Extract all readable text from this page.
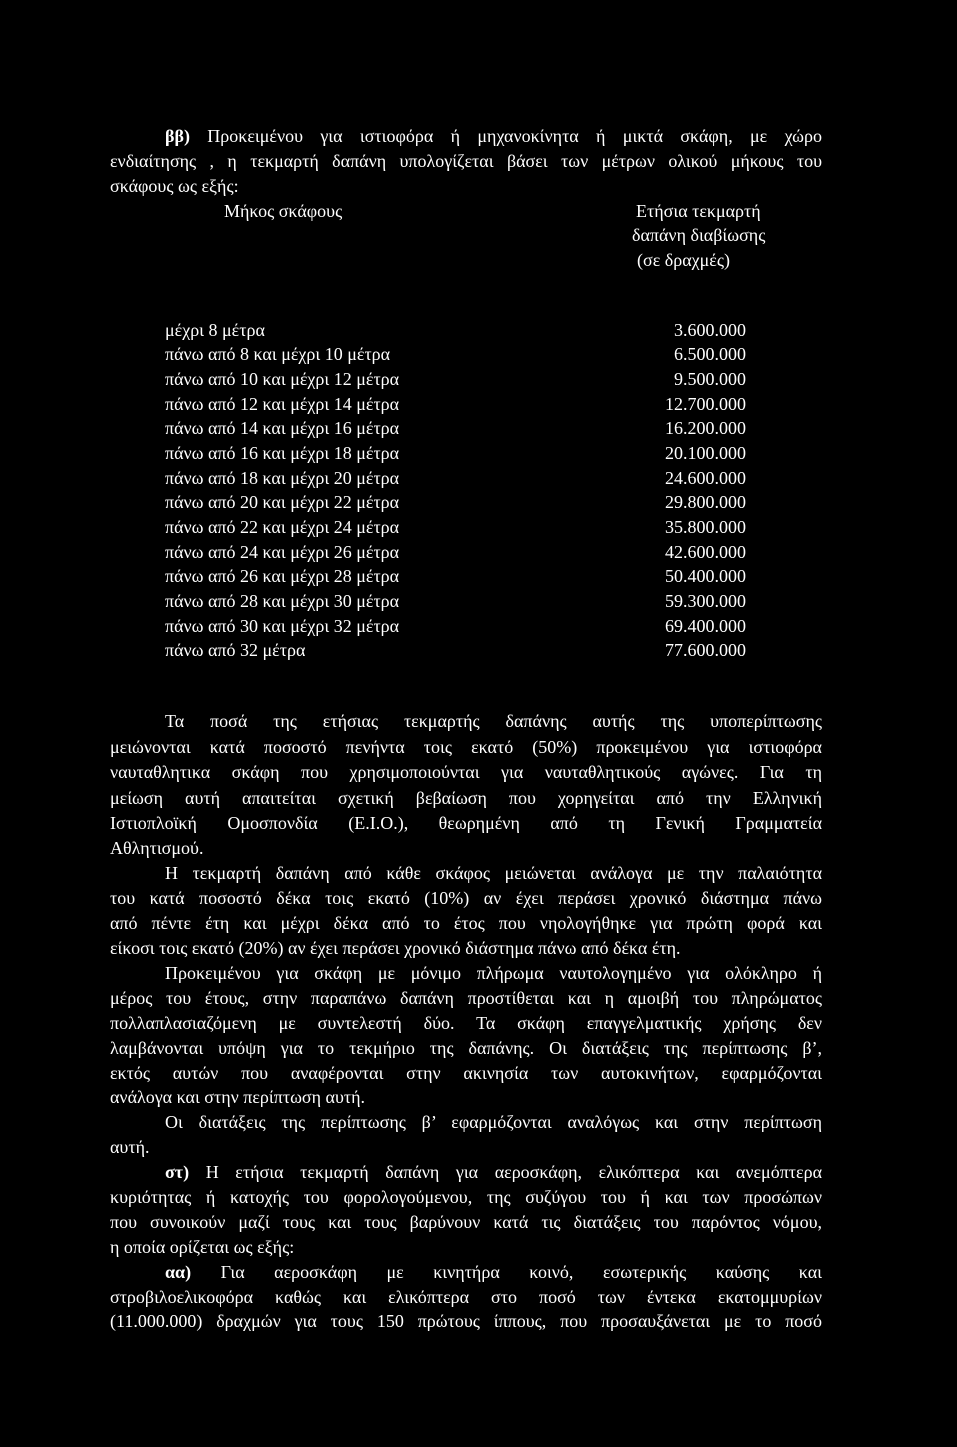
ββ) Προκειμένου για ιστιοφόρα ή μηχανοκίνητα ή μικτά σκάφη, με χώρο
ενδιαίτησης , η τεκμαρτή δαπάνη υπολογίζεται βάσει των μέτρων ολικού μήκους του
σκάφους ως εξής:
Μήκος σκάφους	Ετήσια τεκμαρτή
δαπάνη διαβίωσης
(σε δραχμές)
μέχρι 8 μέτρα	3.600.000
πάνω από 8 και μέχρι 10 μέτρα	6.500.000
πάνω από 10 και μέχρι 12 μέτρα	9.500.000
πάνω από 12 και μέχρι 14 μέτρα	12.700.000
πάνω από 14 και μέχρι 16 μέτρα	16.200.000
πάνω από 16 και μέχρι 18 μέτρα	20.100.000
πάνω από 18 και μέχρι 20 μέτρα	24.600.000
πάνω από 20 και μέχρι 22 μέτρα	29.800.000
πάνω από 22 και μέχρι 24 μέτρα	35.800.000
πάνω από 24 και μέχρι 26 μέτρα	42.600.000
πάνω από 26 και μέχρι 28 μέτρα	50.400.000
πάνω από 28 και μέχρι 30 μέτρα	59.300.000
πάνω από 30 και μέχρι 32 μέτρα	69.400.000
πάνω από 32 μέτρα	77.600.000
Τα ποσά της ετήσιας τεκμαρτής δαπάνης αυτής της υποπερίπτωσης
μειώνονται κατά ποσοστό πενήντα τοις εκατό (50%) προκειμένου για ιστιοφόρα
ναυταθλητικα σκάφη που χρησιμοποιούνται για ναυταθλητικούς αγώνες. Για τη
μείωση αυτή απαιτείται σχετική βεβαίωση που χορηγείται από την Ελληνική
Ιστιοπλοϊκή Ομοσπονδία (Ε.Ι.Ο.), θεωρημένη από τη Γενική Γραμματεία
Αθλητισμού.
Η τεκμαρτή δαπάνη από κάθε σκάφος μειώνεται ανάλογα με την παλαιότητα
του κατά ποσοστό δέκα τοις εκατό (10%) αν έχει περάσει χρονικό διάστημα πάνω
από πέντε έτη και μέχρι δέκα από το έτος που νηολογήθηκε για πρώτη φορά και
είκοσι τοις εκατό (20%) αν έχει περάσει χρονικό διάστημα πάνω από δέκα έτη.
Προκειμένου για σκάφη με μόνιμο πλήρωμα ναυτολογημένο για ολόκληρο ή
μέρος του έτους, στην παραπάνω δαπάνη προστίθεται και η αμοιβή του πληρώματος
πολλαπλασιαζόμενη με συντελεστή δύο. Τα σκάφη επαγγελματικής χρήσης δεν
λαμβάνονται υπόψη για το τεκμήριο της δαπάνης. Οι διατάξεις της περίπτωσης β’,
εκτός αυτών που αναφέρονται στην ακινησία των αυτοκινήτων, εφαρμόζονται
ανάλογα και στην περίπτωση αυτή.
Οι διατάξεις της περίπτωσης β’ εφαρμόζονται αναλόγως και στην περίπτωση
αυτή.
στ) Η ετήσια τεκμαρτή δαπάνη για αεροσκάφη, ελικόπτερα και ανεμόπτερα
κυριότητας ή κατοχής του φορολογούμενου, της συζύγου του ή και των προσώπων
που συνοικούν μαζί τους και τους βαρύνουν κατά τις διατάξεις του παρόντος νόμου,
η οποία ορίζεται ως εξής:
αα) Για αεροσκάφη με κινητήρα κοινό, εσωτερικής καύσης και
στροβιλοελικοφόρα καθώς και ελικόπτερα στο ποσό των έντεκα εκατομμυρίων
(11.000.000) δραχμών για τους 150 πρώτους ίππους, που προσαυξάνεται με το ποσό
